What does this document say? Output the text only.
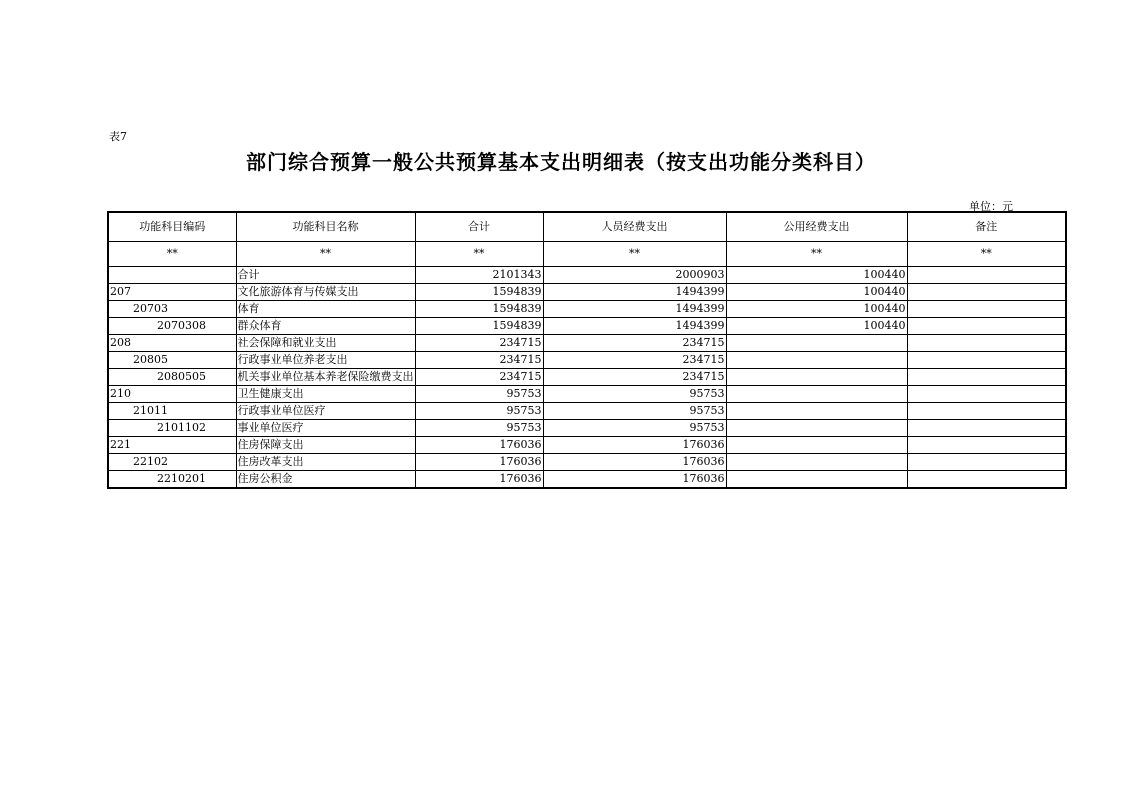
表7
部门综合预算一般公共预算基本支出明细表（按支出功能分类科目）
单位：元
功能科目编码	功能科目名称	合计	人员经费支出	公用经费支出	备注
**	**	**	**	**	**
	合计	2101343	2000903	100440	
207	文化旅游体育与传媒支出	1594839	1494399	100440	
20703	体育	1594839	1494399	100440	
2070308	群众体育	1594839	1494399	100440	
208	社会保障和就业支出	234715	234715		
20805	行政事业单位养老支出	234715	234715		
2080505	机关事业单位基本养老保险缴费支出	234715	234715		
210	卫生健康支出	95753	95753		
21011	行政事业单位医疗	95753	95753		
2101102	事业单位医疗	95753	95753		
221	住房保障支出	176036	176036		
22102	住房改革支出	176036	176036		
2210201	住房公积金	176036	176036		
